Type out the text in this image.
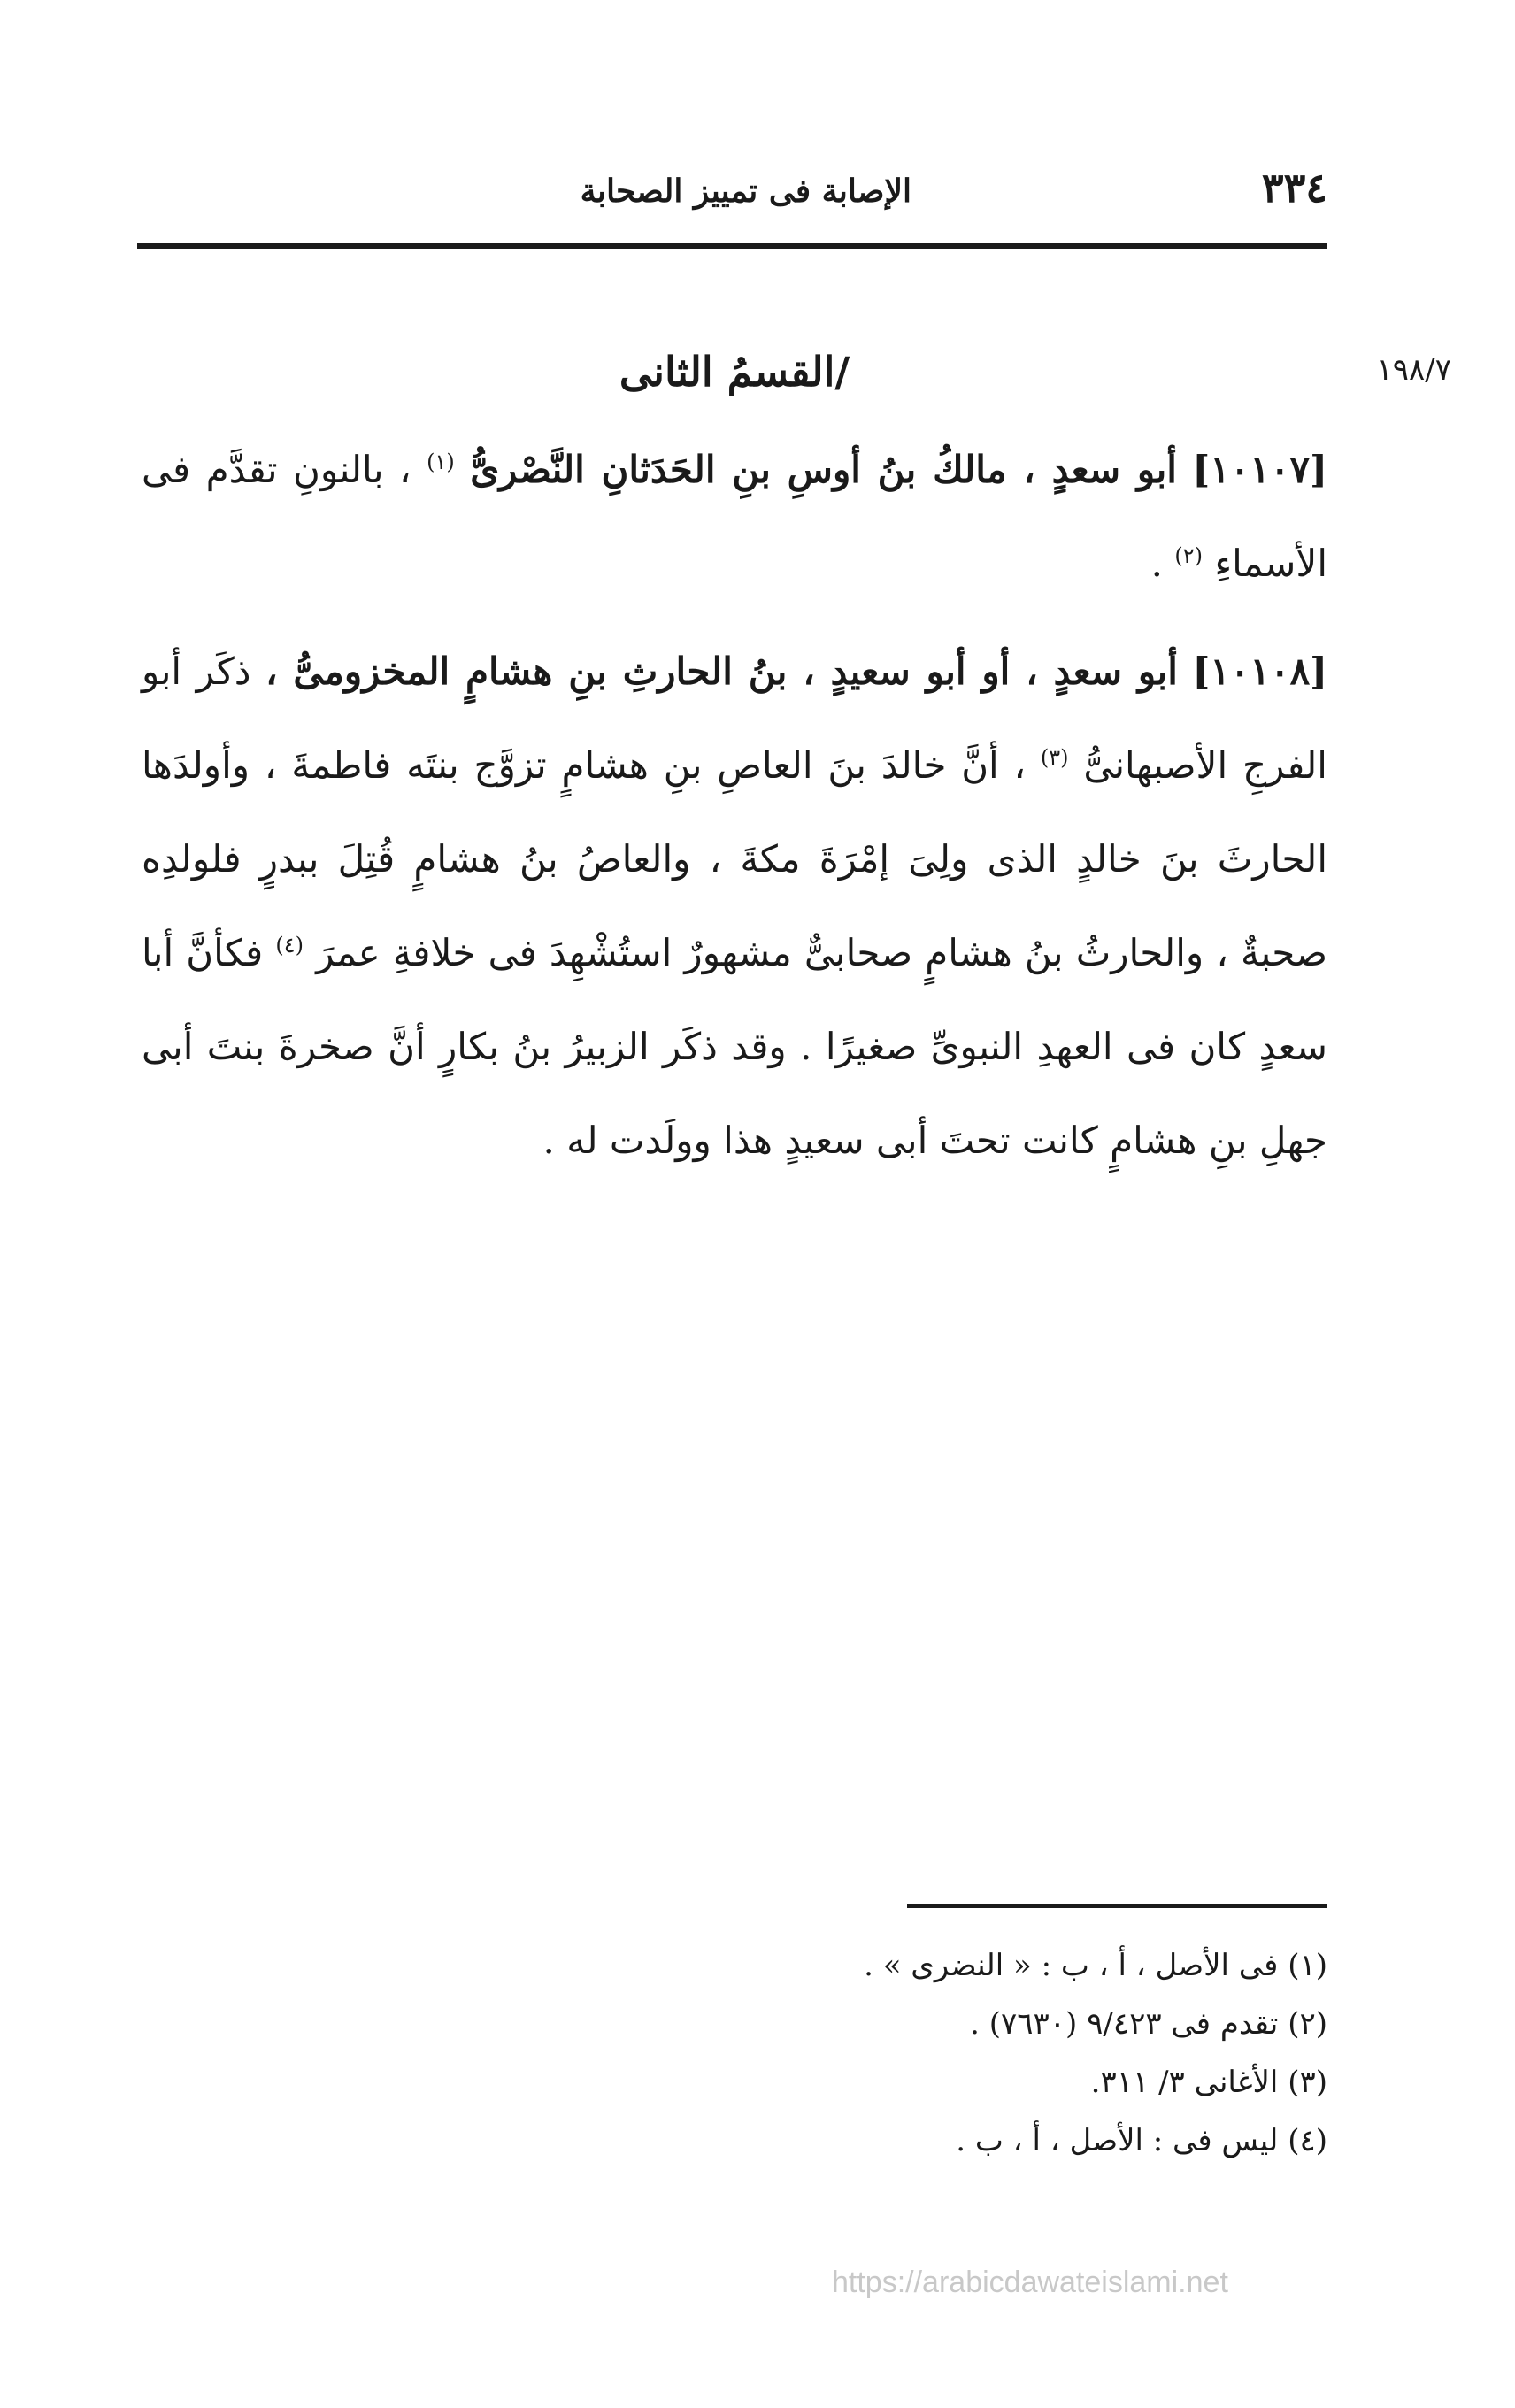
٣٣٤
الإصابة فى تمييز الصحابة
١٩٨/٧
/القسمُ الثانى

[١٠١٠٧] أبو سعدٍ ، مالكُ بنُ أوسِ بنِ الحَدَثانِ النَّصْرىُّ $^{(١)}$ ، بالنونِ تقدَّم فى الأسماءِ $^{(٢)}$ .

[١٠١٠٨] أبو سعدٍ ، أو أبو سعيدٍ ، بنُ الحارثِ بنِ هشامٍ المخزومىُّ ، ذكَر أبو الفرجِ الأصبهانىُّ $^{(٣)}$ ، أنَّ خالدَ بنَ العاصِ بنِ هشامٍ تزوَّج بنتَه فاطمةَ ، وأولدَها الحارثَ بنَ خالدٍ الذى ولِىَ إمْرَةَ مكةَ ، والعاصُ بنُ هشامٍ قُتِلَ ببدرٍ فلولدِه صحبةٌ ، والحارثُ بنُ هشامٍ صحابىٌّ مشهورٌ استُشْهِدَ فى خلافةِ عمرَ $^{(٤)}$ فكأنَّ أبا سعدٍ كان فى العهدِ النبوىِّ صغيرًا . وقد ذكَر الزبيرُ بنُ بكارٍ أنَّ صخرةَ بنتَ أبى جهلِ بنِ هشامٍ كانت تحتَ أبى سعيدٍ هذا وولَدت له .

(١) فى الأصل ، أ ، ب : « النضرى » .
(٢) تقدم فى ٩/٤٢٣ (٧٦٣٠) .
(٣) الأغانى ٣/ ٣١١.
(٤) ليس فى : الأصل ، أ ، ب .
https://arabicdawateislami.net
